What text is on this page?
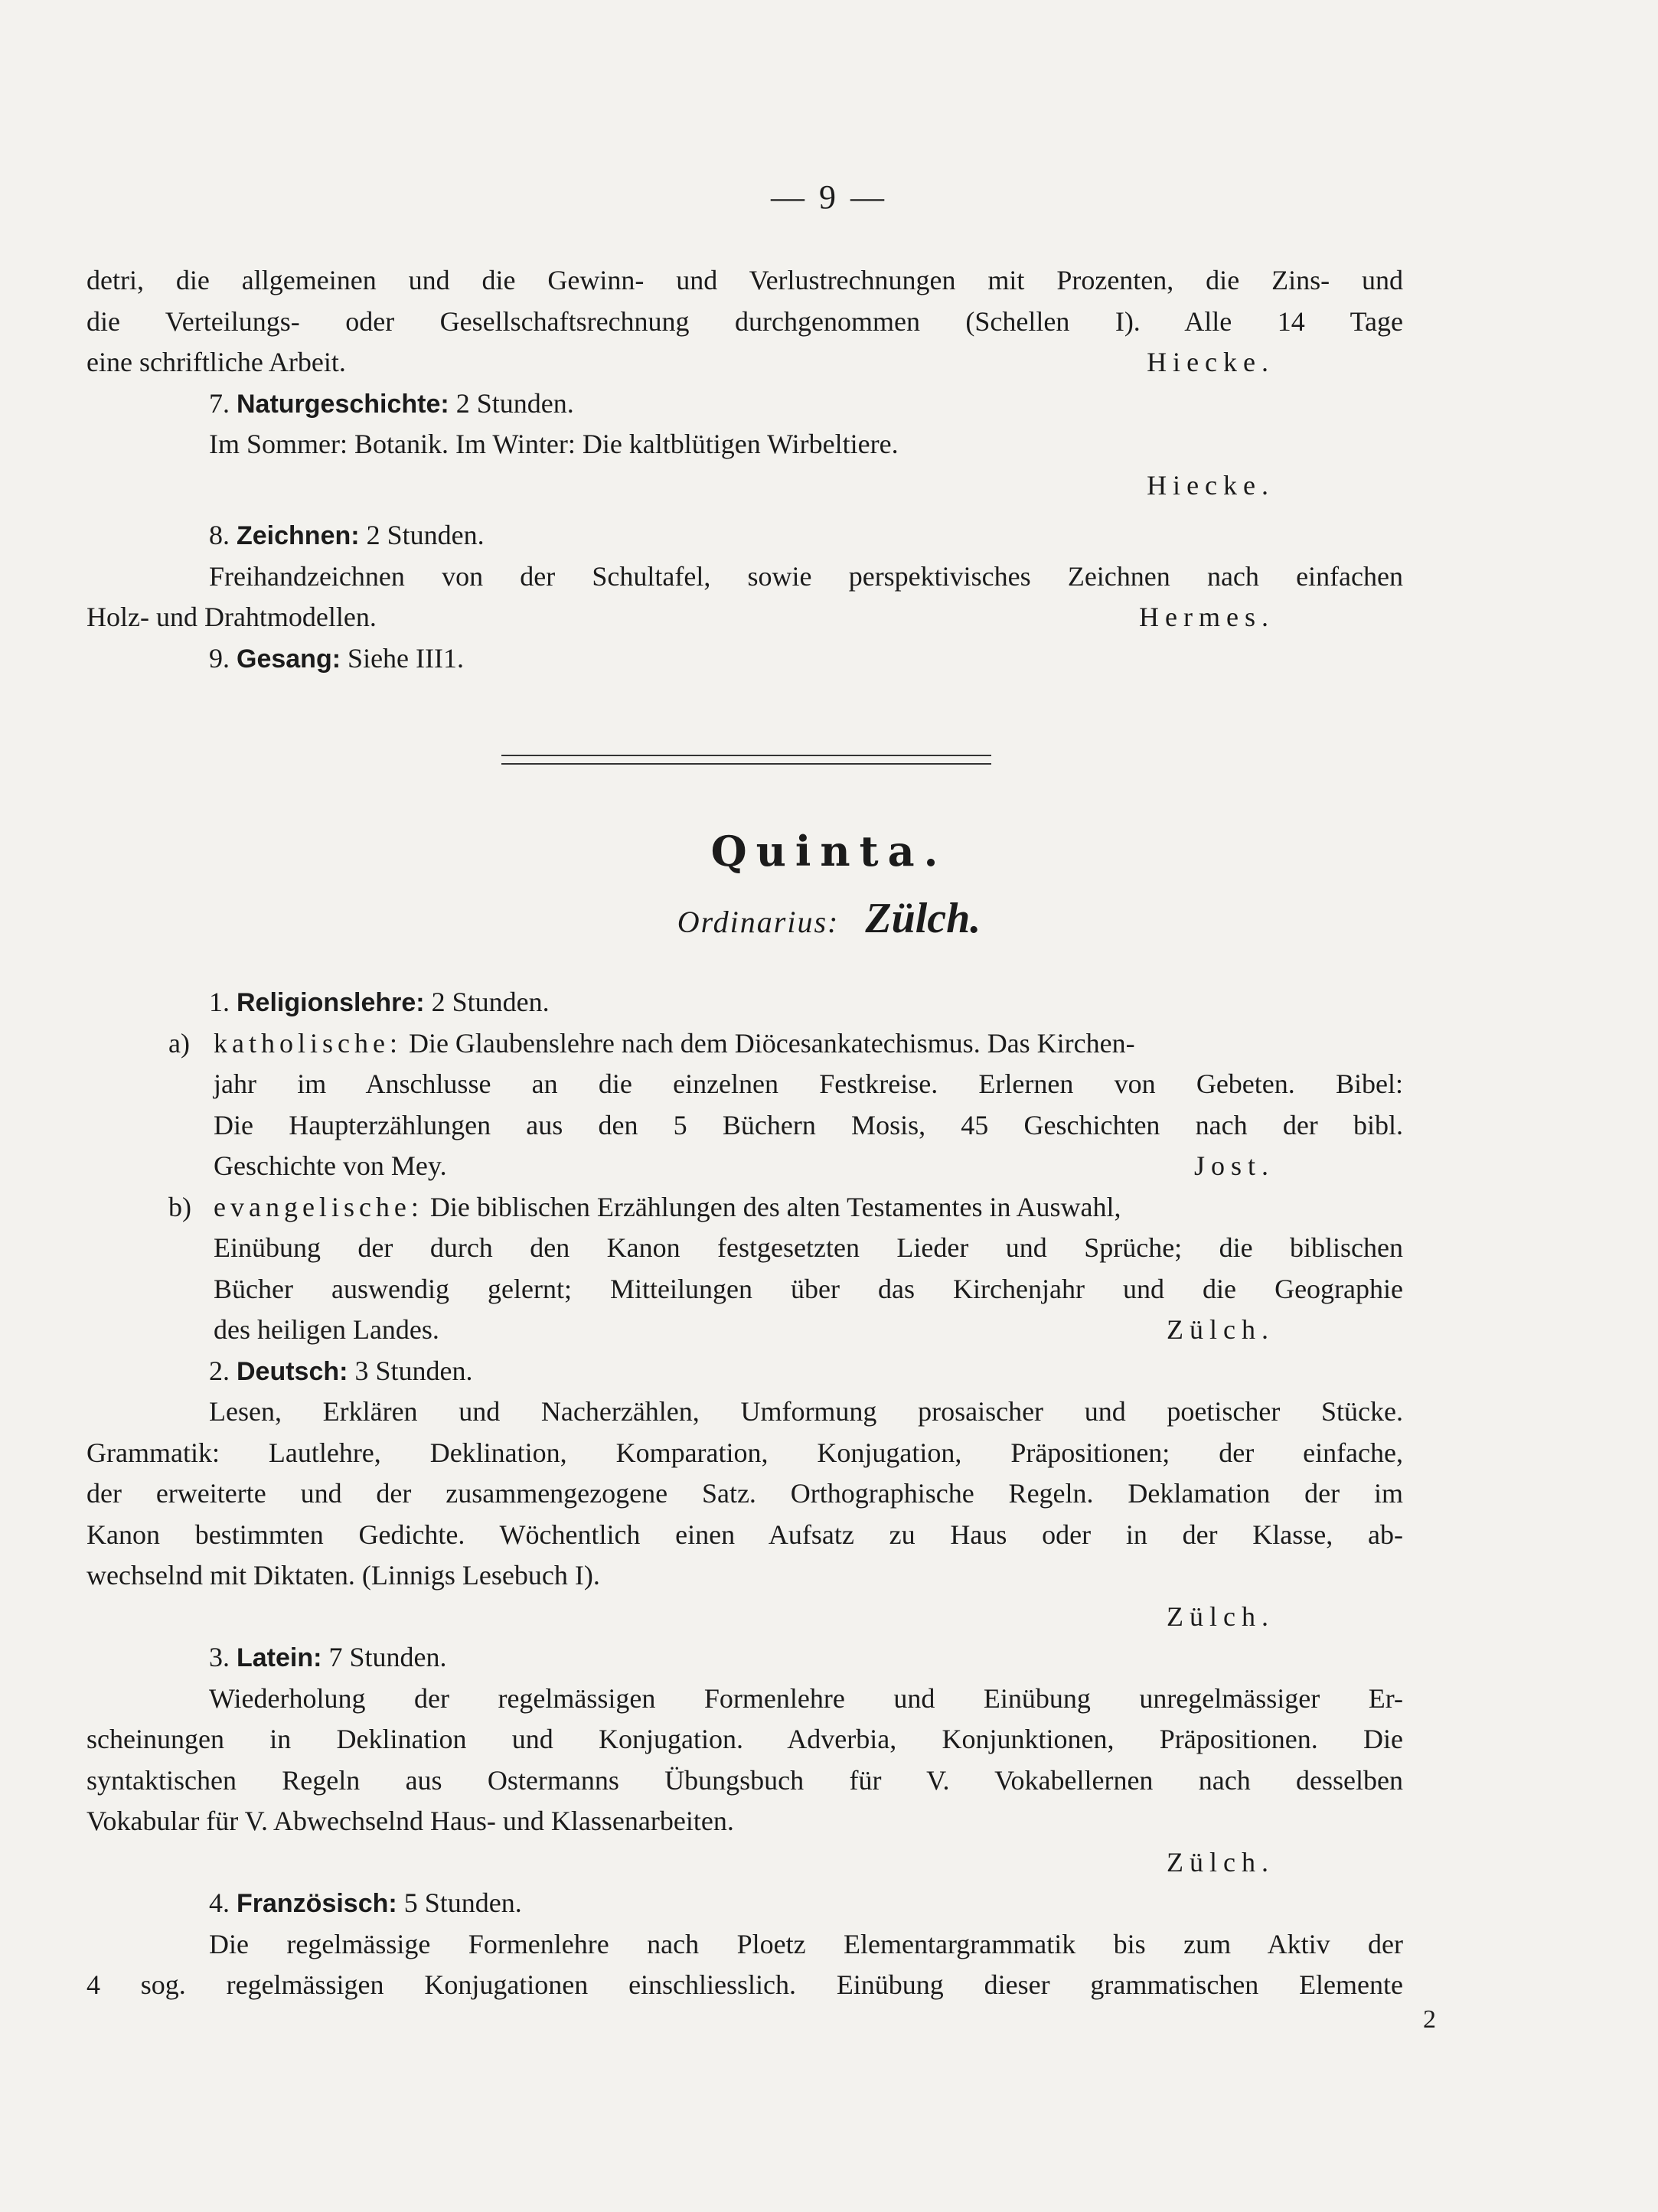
— 9 —
detri, die allgemeinen und die Gewinn- und Verlustrechnungen mit Prozenten, die Zins- und
die Verteilungs- oder Gesellschaftsrechnung durchgenommen (Schellen I). Alle 14 Tage
eine schriftliche Arbeit.	Hiecke.
7. Naturgeschichte: 2 Stunden.
Im Sommer: Botanik. Im Winter: Die kaltblütigen Wirbeltiere.
Hiecke.
8. Zeichnen: 2 Stunden.
Freihandzeichnen von der Schultafel, sowie perspektivisches Zeichnen nach einfachen
Holz- und Drahtmodellen.	Hermes.
9. Gesang: Siehe III1.
Quinta.
Ordinarius: Zülch.
1. Religionslehre: 2 Stunden.
a) katholische: Die Glaubenslehre nach dem Diöcesankatechismus. Das Kirchen-
jahr im Anschlusse an die einzelnen Festkreise. Erlernen von Gebeten. Bibel:
Die Haupterzählungen aus den 5 Büchern Mosis, 45 Geschichten nach der bibl.
Geschichte von Mey.	Jost.
b) evangelische: Die biblischen Erzählungen des alten Testamentes in Auswahl,
Einübung der durch den Kanon festgesetzten Lieder und Sprüche; die biblischen
Bücher auswendig gelernt; Mitteilungen über das Kirchenjahr und die Geographie
des heiligen Landes.	Zülch.
2. Deutsch: 3 Stunden.
Lesen, Erklären und Nacherzählen, Umformung prosaischer und poetischer Stücke.
Grammatik: Lautlehre, Deklination, Komparation, Konjugation, Präpositionen; der einfache,
der erweiterte und der zusammengezogene Satz. Orthographische Regeln. Deklamation der im
Kanon bestimmten Gedichte. Wöchentlich einen Aufsatz zu Haus oder in der Klasse, ab-
wechselnd mit Diktaten. (Linnigs Lesebuch I).
Zülch.
3. Latein: 7 Stunden.
Wiederholung der regelmässigen Formenlehre und Einübung unregelmässiger Er-
scheinungen in Deklination und Konjugation. Adverbia, Konjunktionen, Präpositionen. Die
syntaktischen Regeln aus Ostermanns Übungsbuch für V. Vokabellernen nach desselben
Vokabular für V. Abwechselnd Haus- und Klassenarbeiten.
Zülch.
4. Französisch: 5 Stunden.
Die regelmässige Formenlehre nach Ploetz Elementargrammatik bis zum Aktiv der
4 sog. regelmässigen Konjugationen einschliesslich. Einübung dieser grammatischen Elemente
2
